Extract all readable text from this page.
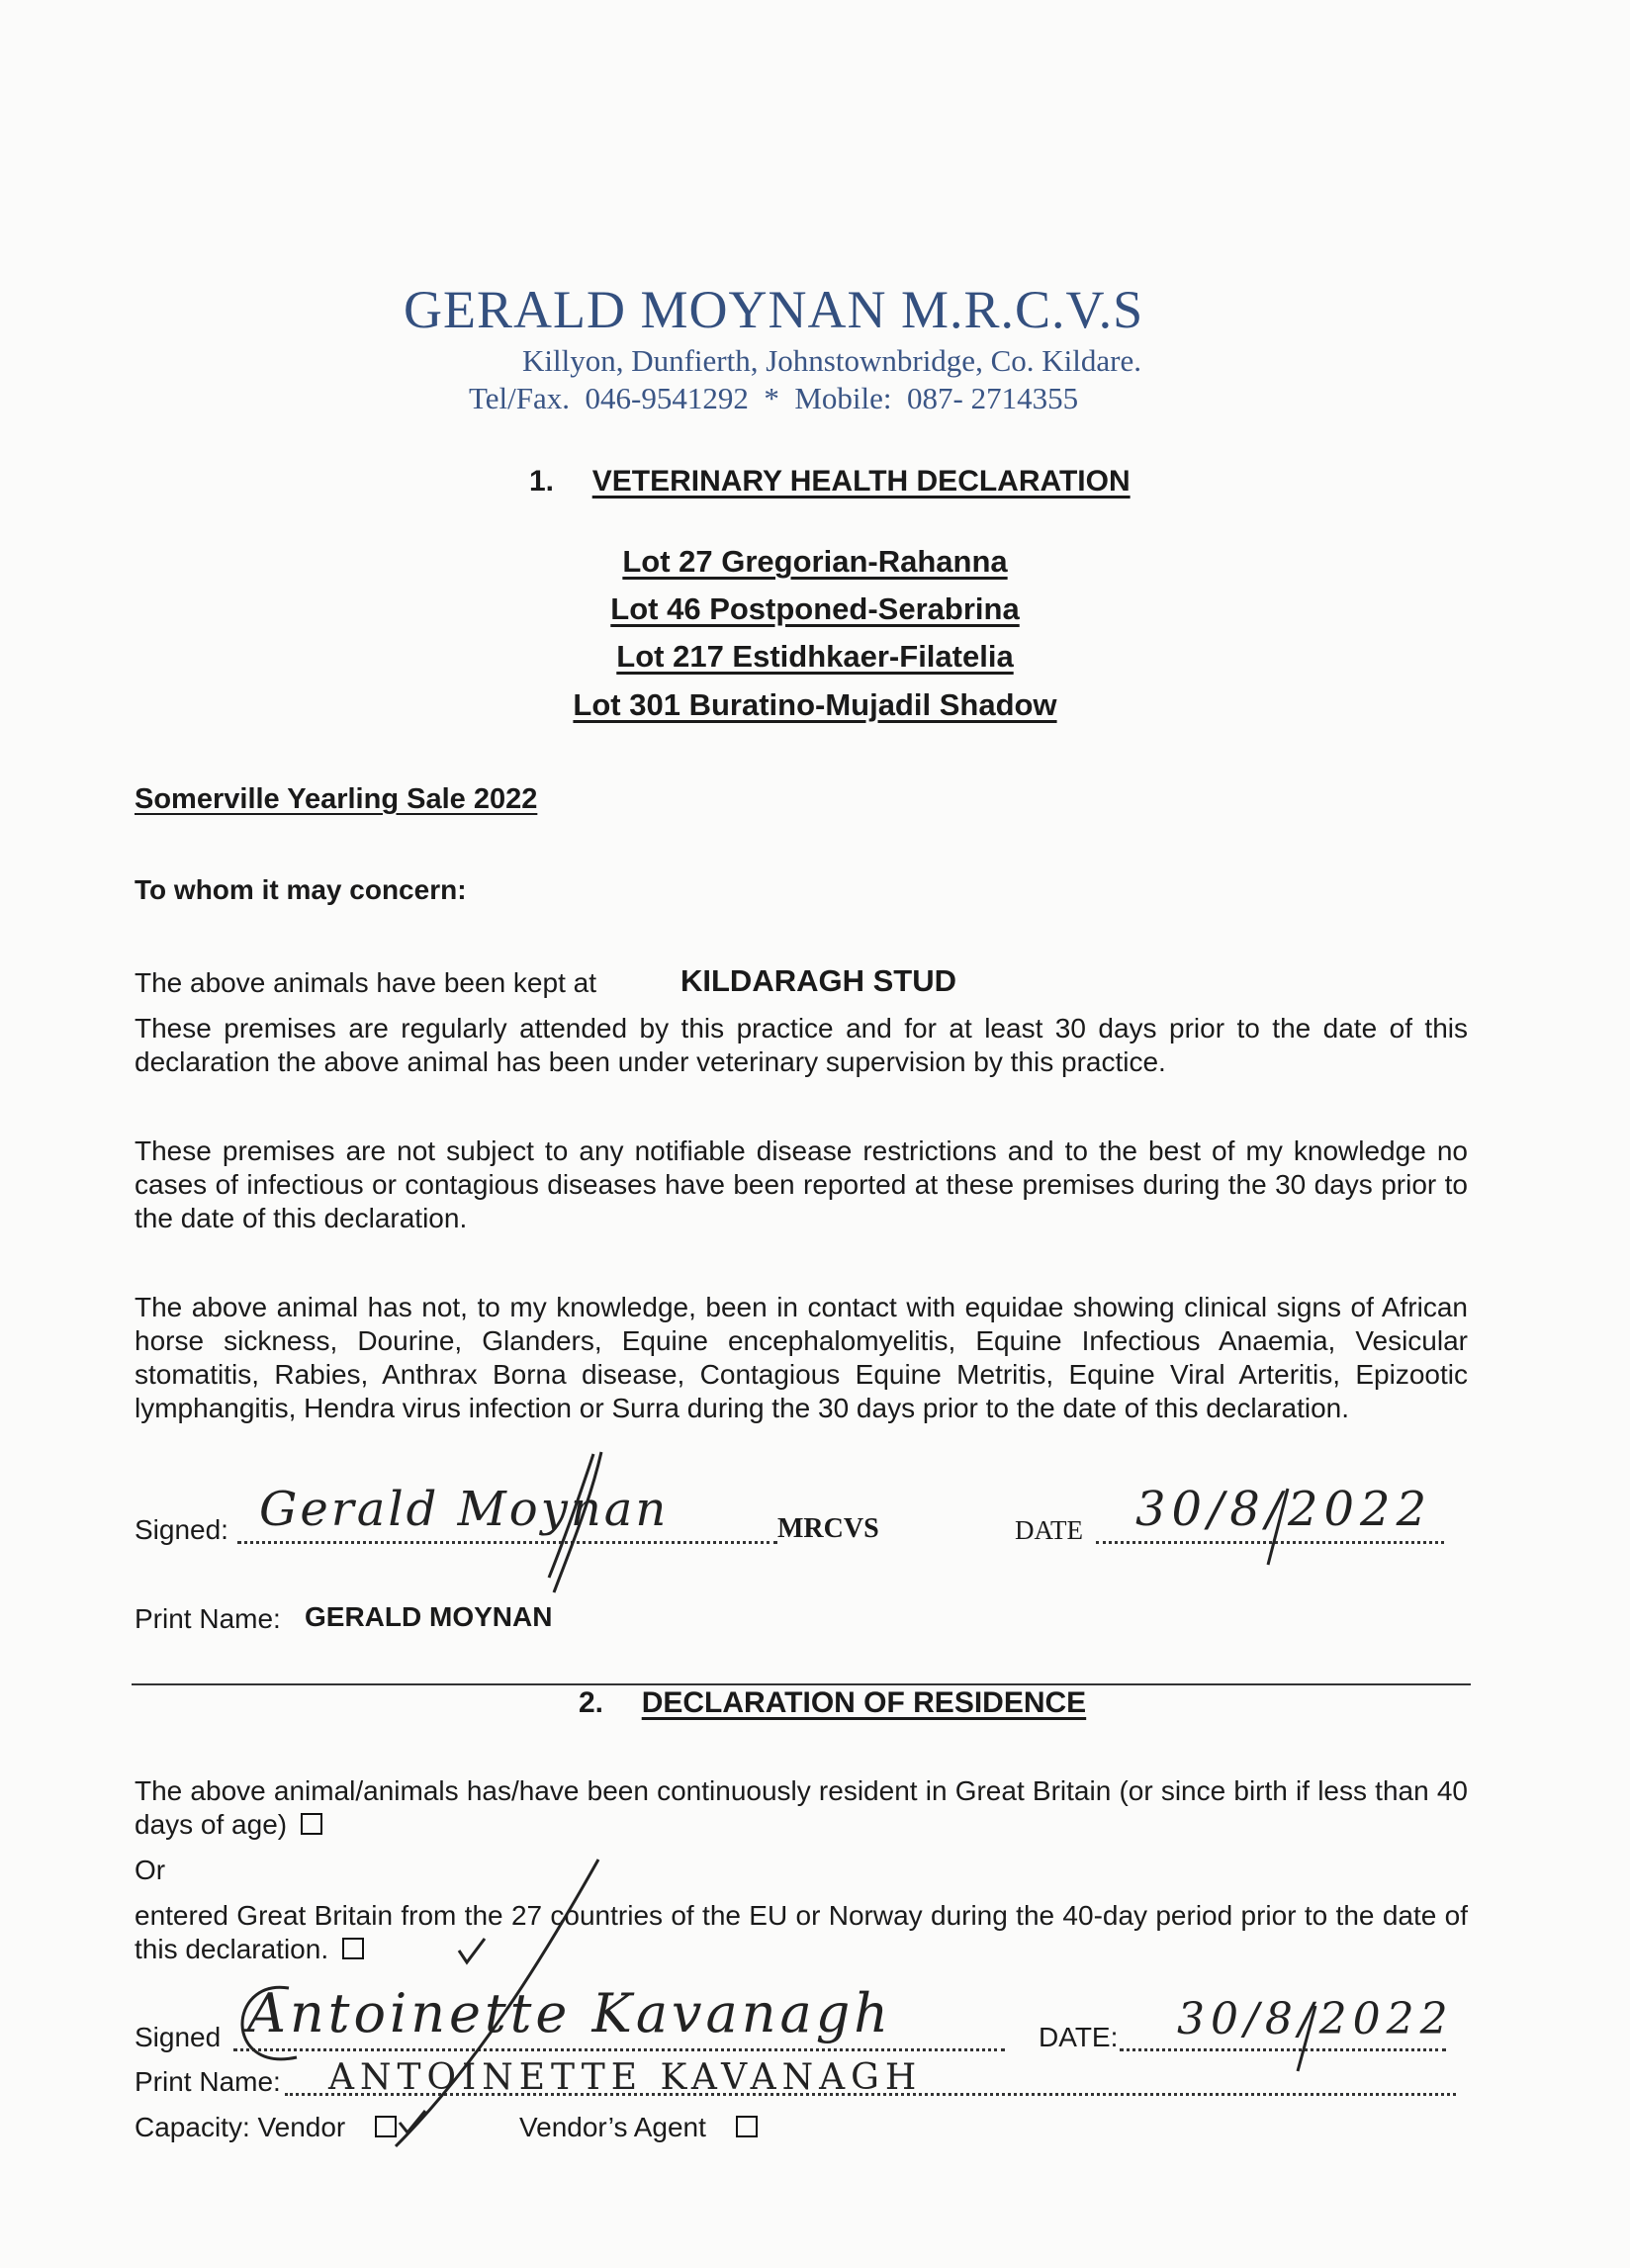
GERALD MOYNAN M.R.C.V.S
Killyon, Dunfierth, Johnstownbridge, Co. Kildare.
Tel/Fax.  046-9541292  *  Mobile:  087- 2714355
1. VETERINARY HEALTH DECLARATION
Lot 27 Gregorian-Rahanna
Lot 46 Postponed-Serabrina
Lot 217 Estidhkaer-Filatelia
Lot 301 Buratino-Mujadil Shadow
Somerville Yearling Sale 2022
To whom it may concern:
The above animals have been kept at	KILDARAGH STUD
These premises are regularly attended by this practice and for at least 30 days prior to the date of this declaration the above animal has been under veterinary supervision by this practice.
These premises are not subject to any notifiable disease restrictions and to the best of my knowledge no cases of infectious or contagious diseases have been reported at these premises during the 30 days prior to the date of this declaration.
The above animal has not, to my knowledge, been in contact with equidae showing clinical signs of African horse sickness, Dourine, Glanders, Equine encephalomyelitis, Equine Infectious Anaemia, Vesicular stomatitis, Rabies, Anthrax Borna disease, Contagious Equine Metritis, Equine Viral Arteritis, Epizootic lymphangitis, Hendra virus infection or Surra during the 30 days prior to the date of this declaration.
Signed: Gerald Moynan	MRCVS	DATE 30/8/2022
Print Name: GERALD MOYNAN
2. DECLARATION OF RESIDENCE
The above animal/animals has/have been continuously resident in Great Britain (or since birth if less than 40 days of age)
Or
entered Great Britain from the 27 countries of the EU or Norway during the 40-day period prior to the date of this declaration.
Signed Antoinette Kavanagh	DATE: 30/8/2022
Print Name: ANTOINETTE KAVANAGH
Capacity: Vendor	Vendor’s Agent
